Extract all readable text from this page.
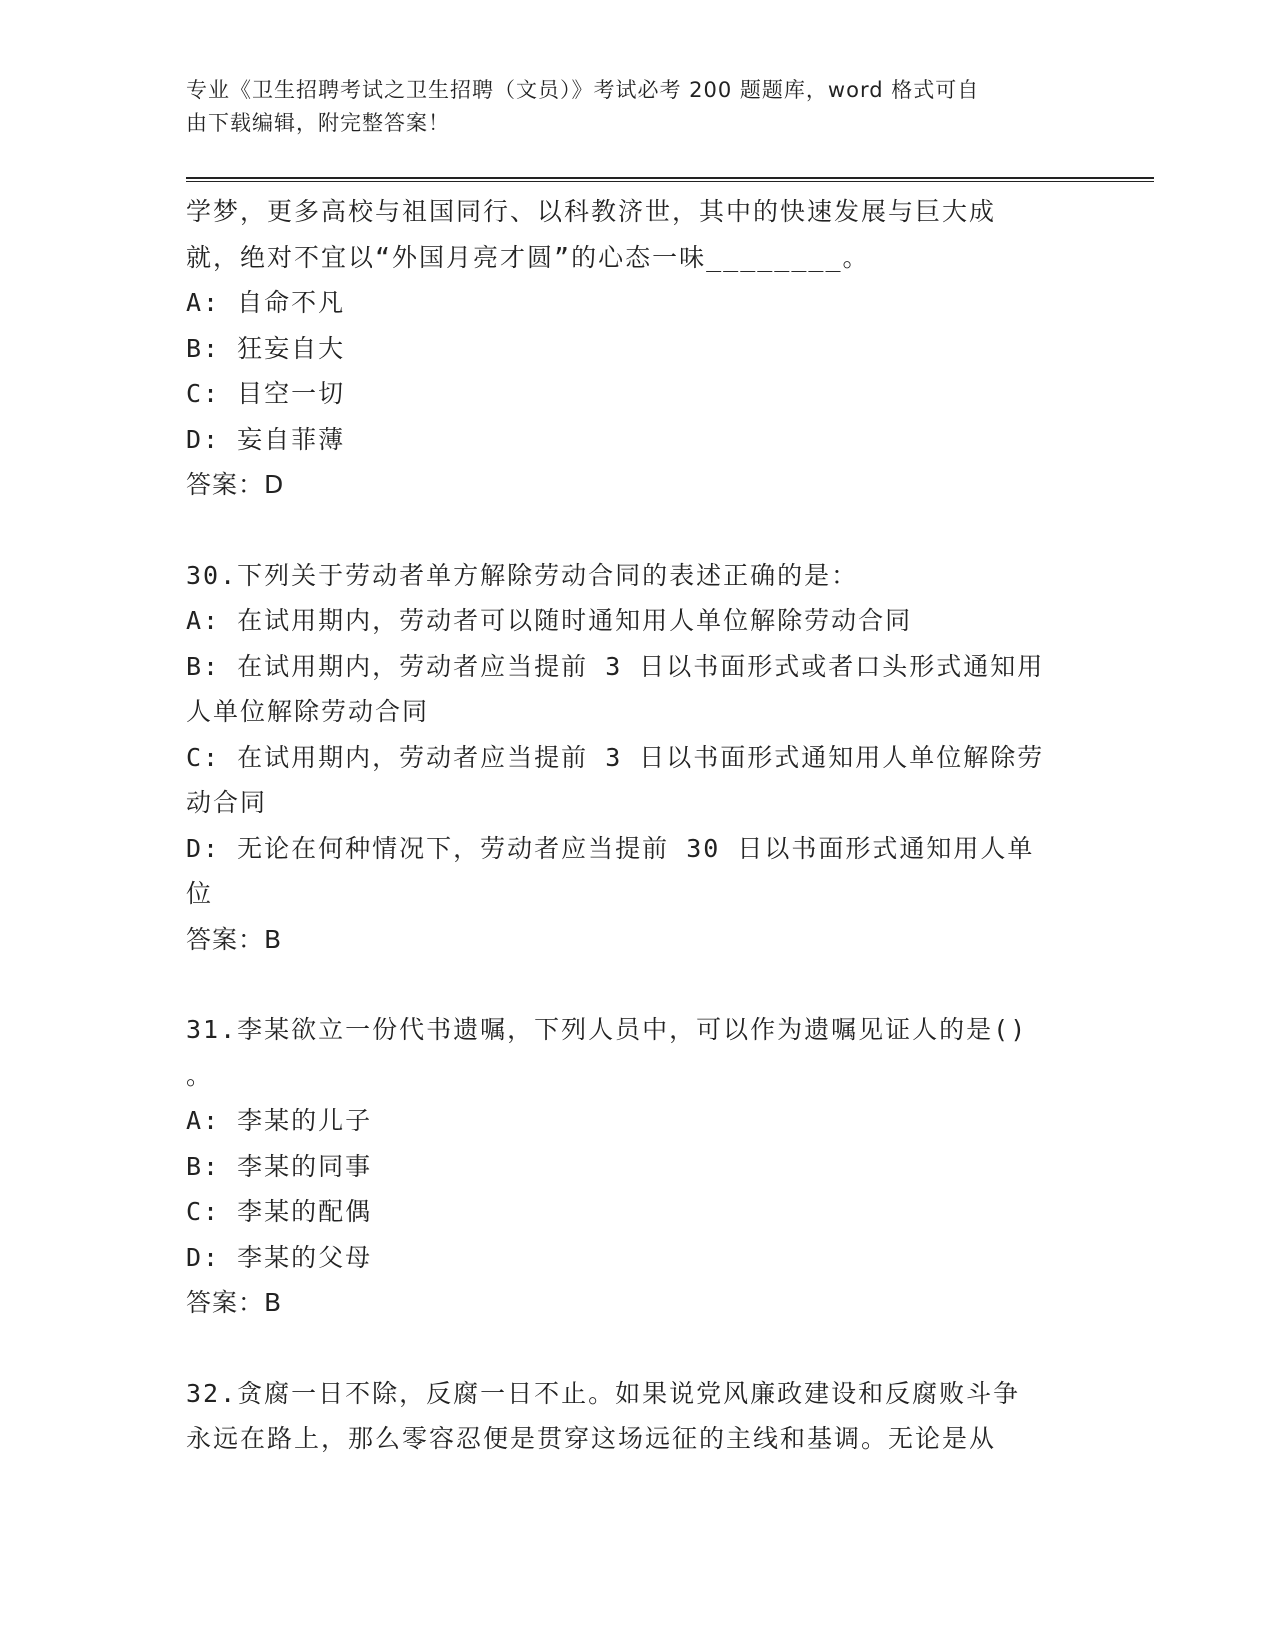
专业《卫生招聘考试之卫生招聘（文员）》考试必考 200 题题库，word 格式可自
由下载编辑，附完整答案！
学梦，更多高校与祖国同行、以科教济世，其中的快速发展与巨大成
就，绝对不宜以“外国月亮才圆”的心态一味________。
A: 自命不凡
B: 狂妄自大
C: 目空一切
D: 妄自菲薄
答案：D
30.下列关于劳动者单方解除劳动合同的表述正确的是：
A: 在试用期内，劳动者可以随时通知用人单位解除劳动合同
B: 在试用期内，劳动者应当提前 3 日以书面形式或者口头形式通知用
人单位解除劳动合同
C: 在试用期内，劳动者应当提前 3 日以书面形式通知用人单位解除劳
动合同
D: 无论在何种情况下，劳动者应当提前 30 日以书面形式通知用人单
位
答案：B
31.李某欲立一份代书遗嘱，下列人员中，可以作为遗嘱见证人的是()
。
A: 李某的儿子
B: 李某的同事
C: 李某的配偶
D: 李某的父母
答案：B
32.贪腐一日不除，反腐一日不止。如果说党风廉政建设和反腐败斗争
永远在路上，那么零容忍便是贯穿这场远征的主线和基调。无论是从
